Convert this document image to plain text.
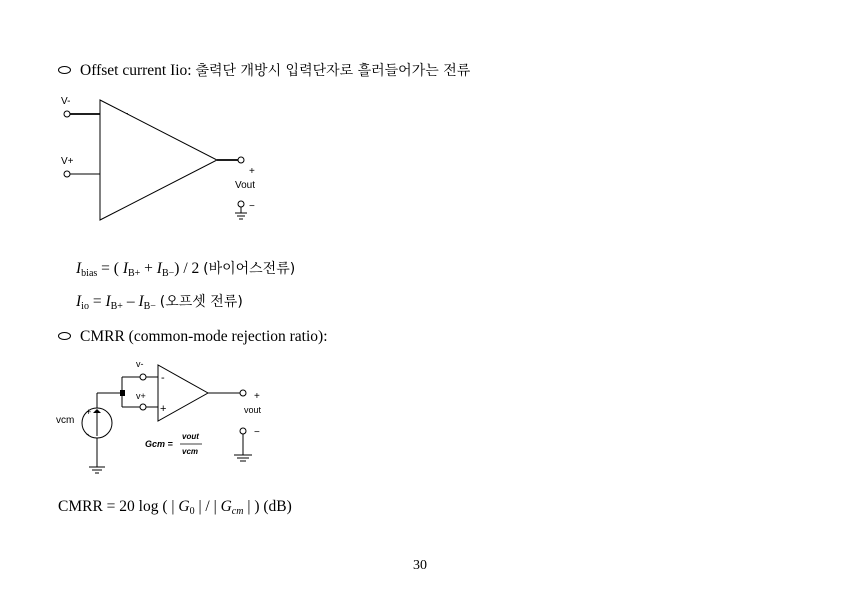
Offset current Iio: 출력단 개방시 입력단자로 흘러들어가는 전류
V-
V+
+
Vout
−
$I_{bias}$ = ( $I_{B+} + I_{B-}) / 2$ (바이어스전류)
$I_{io} = I_{B+} - I_{B-}$ (오프셋 전류)
CMRR (common-mode rejection ratio):
+
-
vcm
v-
v+
-
+
+
vout
−
Gcm =
vout
vcm
CMRR = 20 log ( | $G_0$ | / | $G_{cm}$ | ) (dB)
30
